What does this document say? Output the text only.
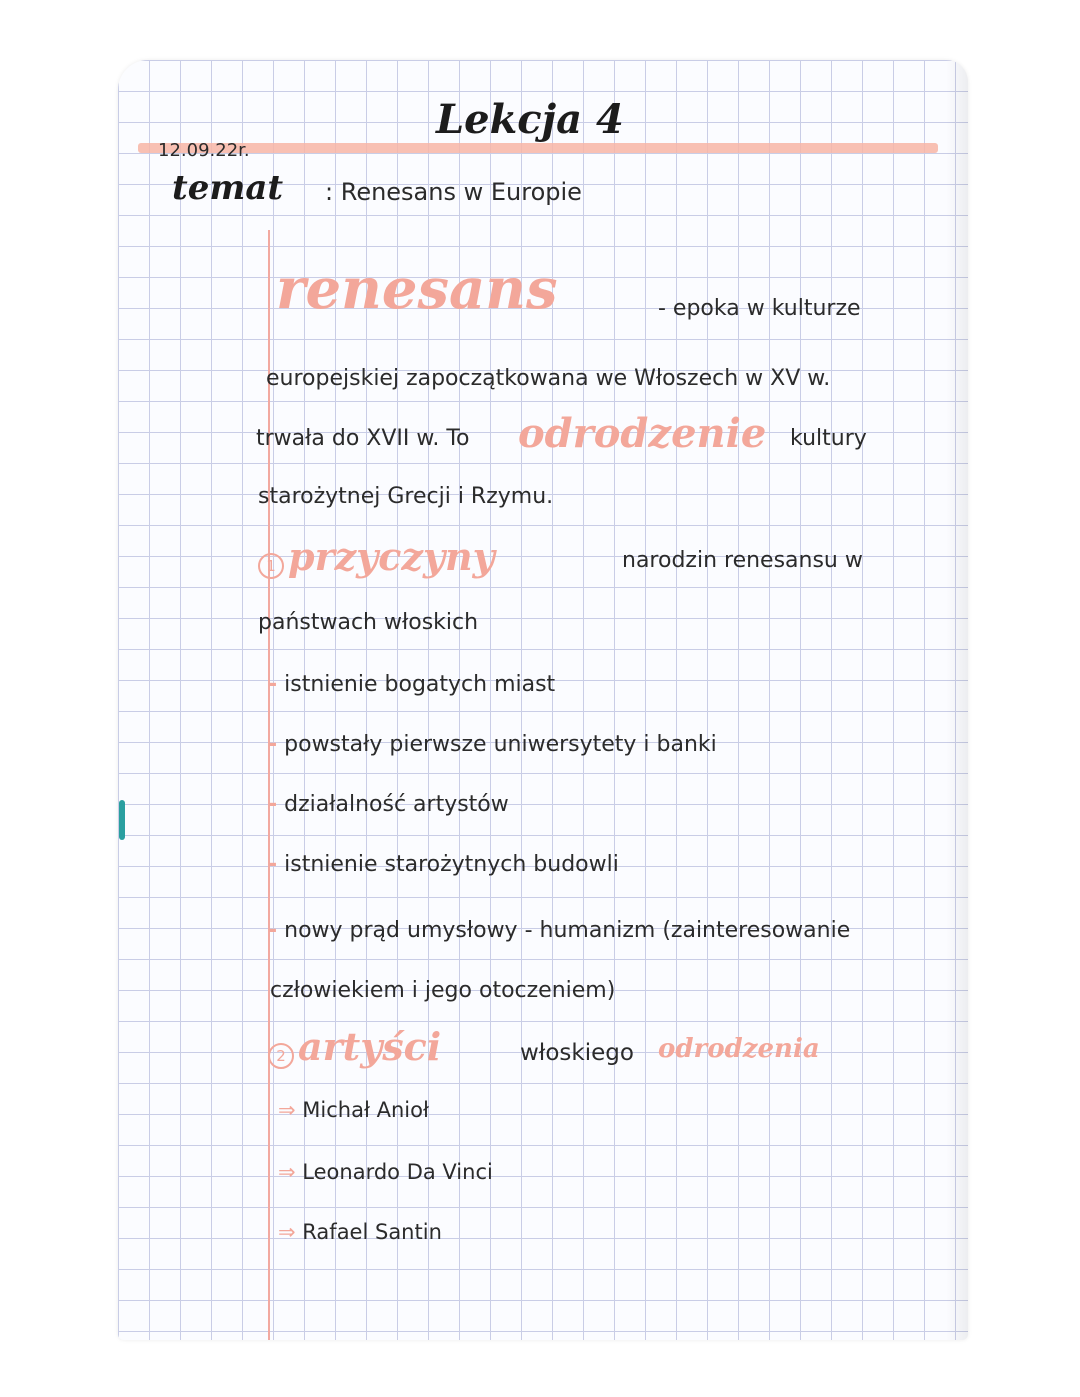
12.09.22r.
Lekcja 4
temat : Renesans w Europie
renesans	- epoka w kulturze
europejskiej zapoczątkowana we Włoszech w XV w.
trwała do XVII w. To odrodzenie kultury
starożytnej Grecji i Rzymu.
1 przyczyny	narodzin renesansu w
państwach włoskich
- istnienie bogatych miast
- powstały pierwsze uniwersytety i banki
- działalność artystów
- istnienie starożytnych budowli
- nowy prąd umysłowy - humanizm (zainteresowanie
człowiekiem i jego otoczeniem)
2 artyści	włoskiego odrodzenia
⇒ Michał Anioł
⇒ Leonardo Da Vinci
⇒ Rafael Santin
